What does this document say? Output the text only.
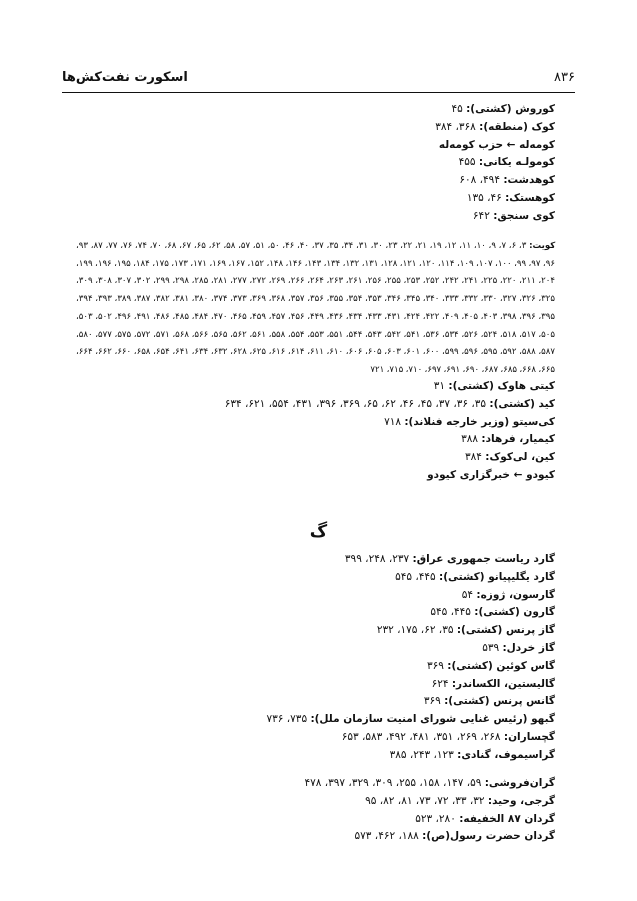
۸۳۶
اسکورت نفت‌کش‌ها
کوروش (کشتی): ۴۵
کوک (منطقه): ۳۶۸، ۳۸۴
کومه‌له ← حزب کومه‌له
کومولـه یکانی: ۴۵۵
کوهدشت: ۴۹۴، ۶۰۸
کوهستک: ۴۶، ۱۳۵
کوی سنجق: ۶۴۲
کویت: ۳، ۶، ۷، ۹، ۱۰، ۱۱، ۱۲، ۱۹، ۲۱، ۲۲، ۲۳، ۳۰، ۳۱، ۳۴، ۳۵، ۳۷، ۴۰، ۴۶، ۵۰، ۵۱، ۵۷، ۵۸، ۶۲، ۶۵، ۶۷، ۶۸، ۷۰، ۷۴، ۷۶، ۷۷، ۸۷، ۹۳، ۹۶، ۹۷، ۹۹، ۱۰۰، ۱۰۷، ۱۰۹، ۱۱۴، ۱۲۰، ۱۲۱، ۱۲۸، ۱۳۱، ۱۳۲، ۱۳۴، ۱۴۳، ۱۴۶، ۱۴۸، ۱۵۲، ۱۶۷، ۱۶۹، ۱۷۱، ۱۷۳، ۱۷۵، ۱۸۴، ۱۹۵، ۱۹۶، ۱۹۹، ۲۰۴، ۲۱۱، ۲۲۰، ۲۲۵، ۲۴۱، ۲۴۲، ۲۵۲، ۲۵۳، ۲۵۵، ۲۵۶، ۲۶۱، ۲۶۳، ۲۶۴، ۲۶۶، ۲۶۹، ۲۷۲، ۲۷۷، ۲۸۱، ۲۸۵، ۲۹۸، ۲۹۹، ۳۰۲، ۳۰۷، ۳۰۸، ۳۰۹، ۳۲۵، ۳۲۶، ۳۲۷، ۳۳۰، ۳۳۲، ۳۳۳، ۳۴۰، ۳۴۵، ۳۴۶، ۳۵۳، ۳۵۴، ۳۵۵، ۳۵۶، ۳۵۷، ۳۶۸، ۳۶۹، ۳۷۳، ۳۷۴، ۳۸۰، ۳۸۱، ۳۸۲، ۳۸۷، ۳۸۹، ۳۹۳، ۳۹۴، ۳۹۵، ۳۹۶، ۳۹۸، ۴۰۳، ۴۰۵، ۴۰۹، ۴۲۲، ۴۲۴، ۴۳۱، ۴۳۳، ۴۳۴، ۴۳۶، ۴۴۹، ۴۵۶، ۴۵۷، ۴۵۹، ۴۶۵، ۴۷۰، ۴۸۴، ۴۸۵، ۴۸۶، ۴۹۱، ۴۹۶، ۵۰۲، ۵۰۳، ۵۰۵، ۵۱۷، ۵۱۸، ۵۲۴، ۵۲۶، ۵۳۴، ۵۳۶، ۵۴۱، ۵۴۲، ۵۴۳، ۵۴۴، ۵۵۱، ۵۵۳، ۵۵۴، ۵۵۸، ۵۶۱، ۵۶۲، ۵۶۵، ۵۶۶، ۵۶۸، ۵۷۱، ۵۷۲، ۵۷۵، ۵۷۷، ۵۸۰، ۵۸۷، ۵۸۸، ۵۹۲، ۵۹۵، ۵۹۶، ۵۹۹، ۶۰۰، ۶۰۱، ۶۰۳، ۶۰۵، ۶۰۶، ۶۱۰، ۶۱۱، ۶۱۴، ۶۱۶، ۶۲۵، ۶۲۸، ۶۳۲، ۶۳۴، ۶۴۱، ۶۵۴، ۶۵۸، ۶۶۰، ۶۶۲، ۶۶۴، ۶۶۵، ۶۶۸، ۶۸۵، ۶۸۷، ۶۹۰، ۶۹۱، ۶۹۷، ۷۱۰، ۷۱۵، ۷۲۱
کیتی هاوک (کشتی): ۳۱
کید (کشتی): ۳۵، ۳۶، ۳۷، ۴۵، ۴۶، ۶۲، ۶۵، ۳۶۹، ۳۹۶، ۴۳۱، ۵۵۴، ۶۲۱، ۶۳۴
کی‌سیتو (وزیر خارجه فنلاند): ۷۱۸
کیمیار، فرهاد: ۳۸۸
کین، لی‌کوک: ۳۸۴
کیودو ← خبرگزاری کیودو
گ
گارد ریاست جمهوری عراق: ۲۳۷، ۲۴۸، ۳۹۹
گارد یگلیپیانو (کشتی): ۴۴۵، ۵۴۵
گارسون، ژوزه: ۵۴
گارون (کشتی): ۴۴۵، ۵۴۵
گاز پرنس (کشتی): ۳۵، ۶۲، ۱۷۵، ۲۳۲
گاز خردل: ۵۳۹
گاس کوئین (کشتی): ۳۶۹
گالیستین، الکساندر: ۶۲۴
گانس پرنس (کشتی): ۳۶۹
گبهو (رئیس غنایی شورای امنیت سازمان ملل): ۷۳۵، ۷۳۶
گچساران: ۲۶۸، ۲۶۹، ۳۵۱، ۴۸۱، ۴۹۲، ۵۸۳، ۶۵۳
گراسیموف، گنادی: ۱۲۳، ۲۴۳، ۳۸۵
گران‌فروشی: ۵۹، ۱۴۷، ۱۵۸، ۲۵۵، ۳۰۹، ۳۲۹، ۳۹۷، ۴۷۸
گرجی، وحید: ۳۲، ۳۳، ۷۲، ۷۳، ۸۱، ۸۲، ۹۵
گردان ۸۷ الخفیفه: ۲۸۰، ۵۲۳
گردان حضرت رسول(ص): ۱۸۸، ۴۶۲، ۵۷۳
